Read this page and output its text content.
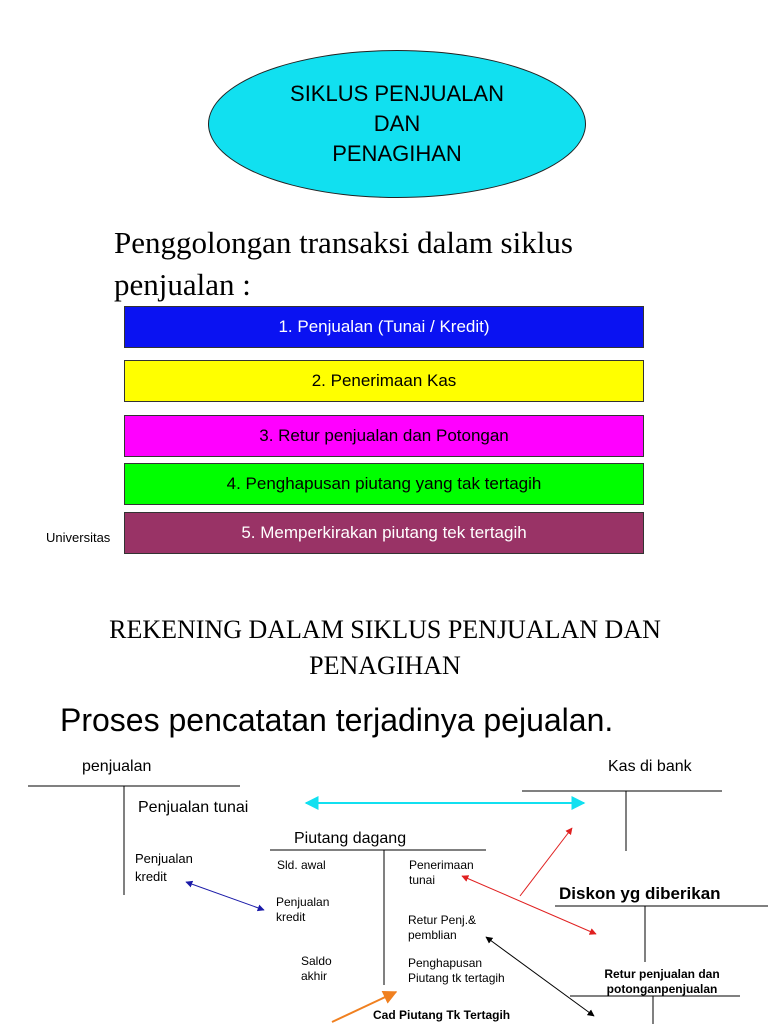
SIKLUS PENJUALAN
DAN
PENAGIHAN
Penggolongan transaksi dalam siklus
penjualan :
1. Penjualan (Tunai / Kredit)
2. Penerimaan Kas
3. Retur penjualan dan Potongan
4. Penghapusan piutang yang tak tertagih
5. Memperkirakan piutang tek tertagih
Universitas
REKENING DALAM SIKLUS PENJUALAN DAN
PENAGIHAN
Proses pencatatan terjadinya pejualan.
penjualan
Penjualan tunai
Penjualan
kredit
Kas di bank
Piutang dagang
Sld. awal
Penjualan
kredit
Saldo
akhir
Penerimaan
tunai
Retur Penj.&
pemblian
Penghapusan
Piutang tk tertagih
Diskon yg diberikan
Retur penjualan dan
potonganpenjualan
Cad Piutang Tk Tertagih
